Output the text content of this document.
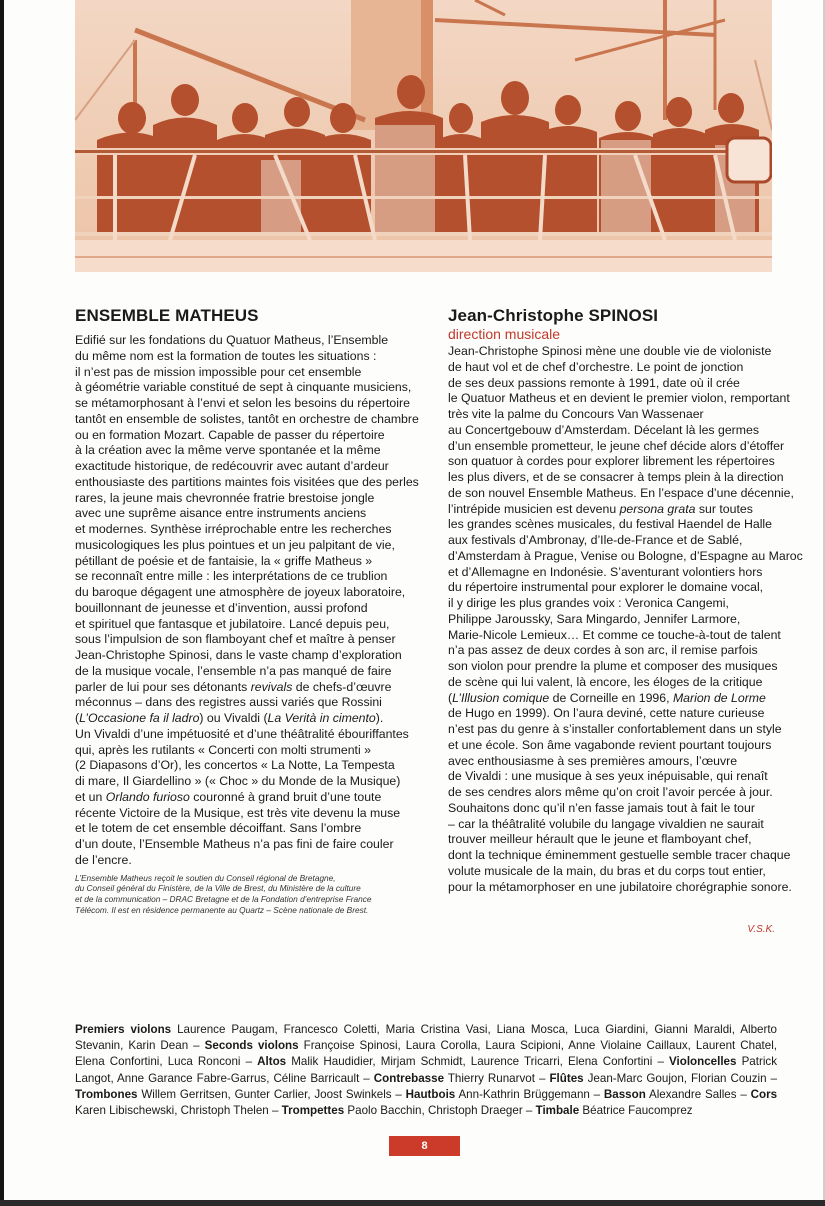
ENSEMBLE MATHEUS
Edifié sur les fondations du Quatuor Matheus, l’Ensemble
du même nom est la formation de toutes les situations :
il n’est pas de mission impossible pour cet ensemble
à géométrie variable constitué de sept à cinquante musiciens,
se métamorphosant à l’envi et selon les besoins du répertoire
tantôt en ensemble de solistes, tantôt en orchestre de chambre
ou en formation Mozart. Capable de passer du répertoire
à la création avec la même verve spontanée et la même
exactitude historique, de redécouvrir avec autant d’ardeur
enthousiaste des partitions maintes fois visitées que des perles
rares, la jeune mais chevronnée fratrie brestoise jongle
avec une suprême aisance entre instruments anciens
et modernes. Synthèse irréprochable entre les recherches
musicologiques les plus pointues et un jeu palpitant de vie,
pétillant de poésie et de fantaisie, la « griffe Matheus »
se reconnaît entre mille : les interprétations de ce trublion
du baroque dégagent une atmosphère de joyeux laboratoire,
bouillonnant de jeunesse et d’invention, aussi profond
et spirituel que fantasque et jubilatoire. Lancé depuis peu,
sous l’impulsion de son flamboyant chef et maître à penser
Jean-Christophe Spinosi, dans le vaste champ d’exploration
de la musique vocale, l’ensemble n’a pas manqué de faire
parler de lui pour ses détonants revivals de chefs-d’œuvre
méconnus – dans des registres aussi variés que Rossini
(L’Occasione fa il ladro) ou Vivaldi (La Verità in cimento).
Un Vivaldi d’une impétuosité et d’une théâtralité ébouriffantes
qui, après les rutilants « Concerti con molti strumenti »
(2 Diapasons d’Or), les concertos « La Notte, La Tempesta
di mare, Il Giardellino » (« Choc » du Monde de la Musique)
et un Orlando furioso couronné à grand bruit d’une toute
récente Victoire de la Musique, est très vite devenu la muse
et le totem de cet ensemble décoiffant. Sans l’ombre
d’un doute, l’Ensemble Matheus n’a pas fini de faire couler
de l’encre.
L’Ensemble Matheus reçoit le soutien du Conseil régional de Bretagne,
du Conseil général du Finistère, de la Ville de Brest, du Ministère de la culture
et de la communication – DRAC Bretagne et de la Fondation d’entreprise France
Télécom. Il est en résidence permanente au Quartz – Scène nationale de Brest.
Jean-Christophe SPINOSI
direction musicale
Jean-Christophe Spinosi mène une double vie de violoniste
de haut vol et de chef d’orchestre. Le point de jonction
de ses deux passions remonte à 1991, date où il crée
le Quatuor Matheus et en devient le premier violon, remportant
très vite la palme du Concours Van Wassenaer
au Concertgebouw d’Amsterdam. Décelant là les germes
d’un ensemble prometteur, le jeune chef décide alors d’étoffer
son quatuor à cordes pour explorer librement les répertoires
les plus divers, et de se consacrer à temps plein à la direction
de son nouvel Ensemble Matheus. En l’espace d’une décennie,
l’intrépide musicien est devenu persona grata sur toutes
les grandes scènes musicales, du festival Haendel de Halle
aux festivals d’Ambronay, d’Ile-de-France et de Sablé,
d’Amsterdam à Prague, Venise ou Bologne, d’Espagne au Maroc
et d’Allemagne en Indonésie. S’aventurant volontiers hors
du répertoire instrumental pour explorer le domaine vocal,
il y dirige les plus grandes voix : Veronica Cangemi,
Philippe Jaroussky, Sara Mingardo, Jennifer Larmore,
Marie-Nicole Lemieux… Et comme ce touche-à-tout de talent
n’a pas assez de deux cordes à son arc, il remise parfois
son violon pour prendre la plume et composer des musiques
de scène qui lui valent, là encore, les éloges de la critique
(L’Illusion comique de Corneille en 1996, Marion de Lorme
de Hugo en 1999). On l’aura deviné, cette nature curieuse
n’est pas du genre à s’installer confortablement dans un style
et une école. Son âme vagabonde revient pourtant toujours
avec enthousiasme à ses premières amours, l’œuvre
de Vivaldi : une musique à ses yeux inépuisable, qui renaît
de ses cendres alors même qu’on croit l’avoir percée à jour.
Souhaitons donc qu’il n’en fasse jamais tout à fait le tour
– car la théâtralité volubile du langage vivaldien ne saurait
trouver meilleur hérault que le jeune et flamboyant chef,
dont la technique éminemment gestuelle semble tracer chaque
volute musicale de la main, du bras et du corps tout entier,
pour la métamorphoser en une jubilatoire chorégraphie sonore.
V.S.K.
Premiers violons Laurence Paugam, Francesco Coletti, Maria Cristina Vasi, Liana Mosca, Luca Giardini, Gianni Maraldi, Alberto Stevanin, Karin Dean – Seconds violons Françoise Spinosi, Laura Corolla, Laura Scipioni, Anne Violaine Caillaux, Laurent Chatel, Elena Confortini, Luca Ronconi – Altos Malik Haudidier, Mirjam Schmidt, Laurence Tricarri, Elena Confortini – Violoncelles Patrick Langot, Anne Garance Fabre-Garrus, Céline Barricault – Contrebasse Thierry Runarvot – Flûtes Jean-Marc Goujon, Florian Couzin – Trombones Willem Gerritsen, Gunter Carlier, Joost Swinkels – Hautbois Ann-Kathrin Brüggemann – Basson Alexandre Salles – Cors Karen Libischewski, Christoph Thelen – Trompettes Paolo Bacchin, Christoph Draeger – Timbale Béatrice Faucomprez
8
